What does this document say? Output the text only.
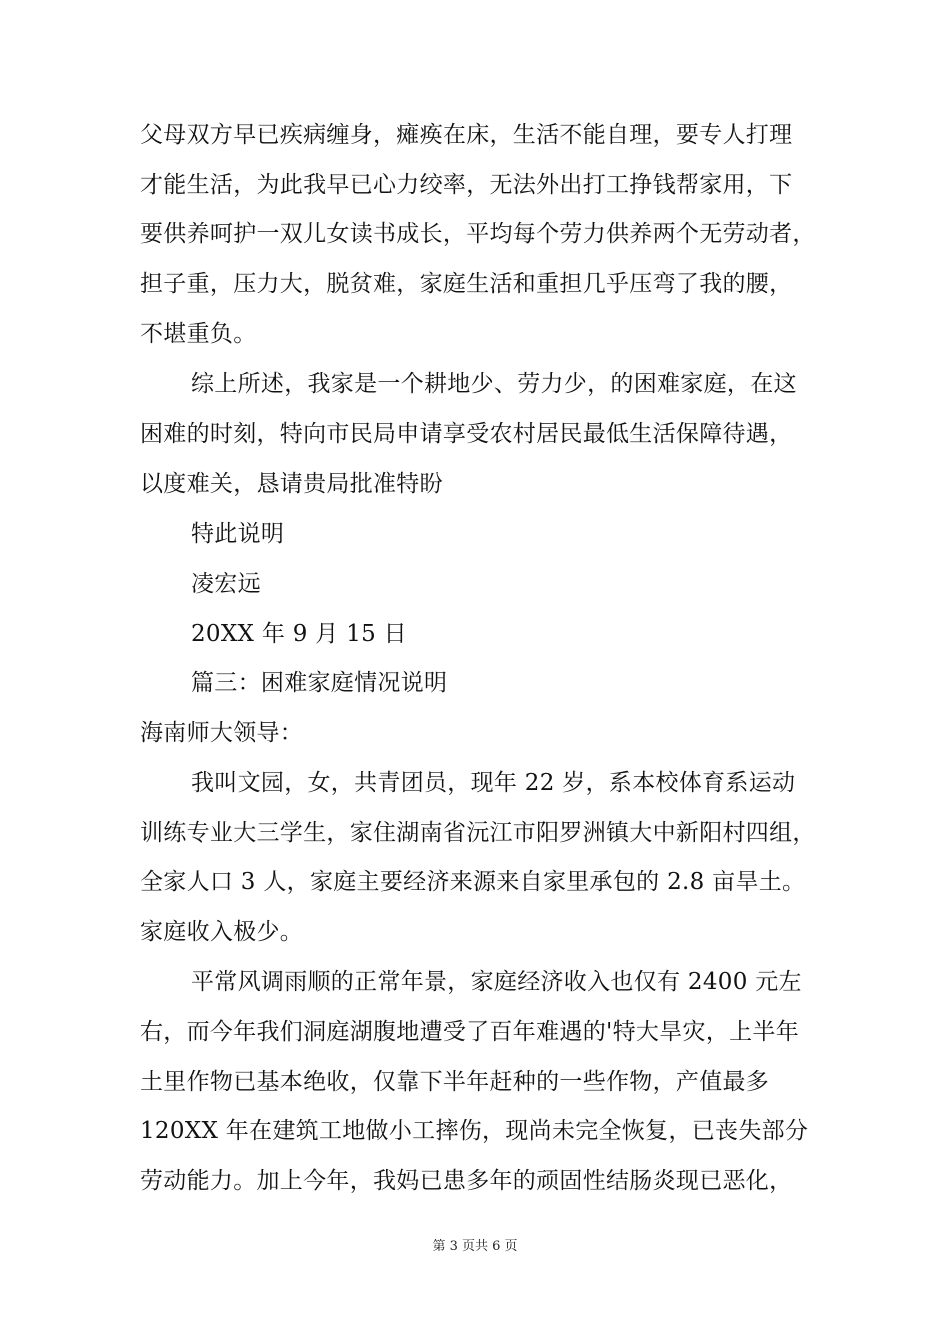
父母双方早已疾病缠身，瘫痪在床，生活不能自理，要专人打理
才能生活，为此我早已心力绞率，无法外出打工挣钱帮家用，下
要供养呵护一双儿女读书成长，平均每个劳力供养两个无劳动者，
担子重，压力大，脱贫难，家庭生活和重担几乎压弯了我的腰，
不堪重负。
综上所述，我家是一个耕地少、劳力少，的困难家庭，在这
困难的时刻，特向市民局申请享受农村居民最低生活保障待遇，
以度难关，恳请贵局批准特盼
特此说明
凌宏远
20XX 年 9 月 15 日
篇三：困难家庭情况说明
海南师大领导：
我叫文园，女，共青团员，现年 22 岁，系本校体育系运动
训练专业大三学生，家住湖南省沅江市阳罗洲镇大中新阳村四组，
全家人口 3 人，家庭主要经济来源来自家里承包的 2.8 亩旱土。
家庭收入极少。
平常风调雨顺的正常年景，家庭经济收入也仅有 2400 元左
右，而今年我们洞庭湖腹地遭受了百年难遇的'特大旱灾，上半年
土里作物已基本绝收，仅靠下半年赶种的一些作物，产值最多
120XX 年在建筑工地做小工摔伤，现尚未完全恢复，已丧失部分
劳动能力。加上今年，我妈已患多年的顽固性结肠炎现已恶化，
第 3 页共 6 页
